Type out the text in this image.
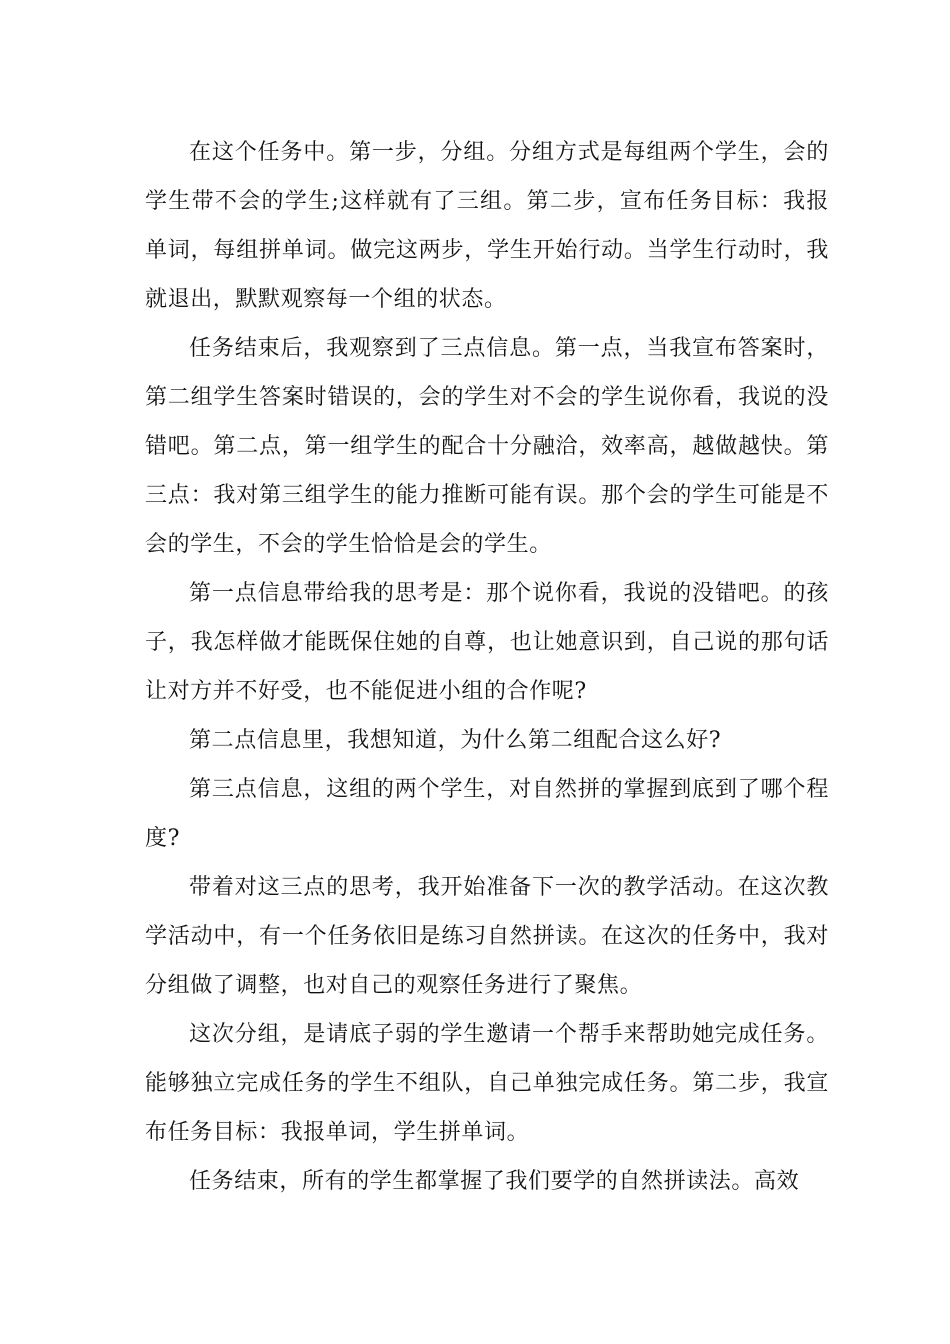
在这个任务中。第一步，分组。分组方式是每组两个学生，会的学生带不会的学生;这样就有了三组。第二步，宣布任务目标：我报单词，每组拼单词。做完这两步，学生开始行动。当学生行动时，我就退出，默默观察每一个组的状态。

任务结束后，我观察到了三点信息。第一点，当我宣布答案时，第二组学生答案时错误的，会的学生对不会的学生说你看，我说的没错吧。第二点，第一组学生的配合十分融洽，效率高，越做越快。第三点：我对第三组学生的能力推断可能有误。那个会的学生可能是不会的学生，不会的学生恰恰是会的学生。

第一点信息带给我的思考是：那个说你看，我说的没错吧。的孩子，我怎样做才能既保住她的自尊，也让她意识到，自己说的那句话让对方并不好受，也不能促进小组的合作呢?

第二点信息里，我想知道，为什么第二组配合这么好?

第三点信息，这组的两个学生，对自然拼的掌握到底到了哪个程度?

带着对这三点的思考，我开始准备下一次的教学活动。在这次教学活动中，有一个任务依旧是练习自然拼读。在这次的任务中，我对分组做了调整，也对自己的观察任务进行了聚焦。

这次分组，是请底子弱的学生邀请一个帮手来帮助她完成任务。能够独立完成任务的学生不组队，自己单独完成任务。第二步，我宣布任务目标：我报单词，学生拼单词。

任务结束，所有的学生都掌握了我们要学的自然拼读法。高效
